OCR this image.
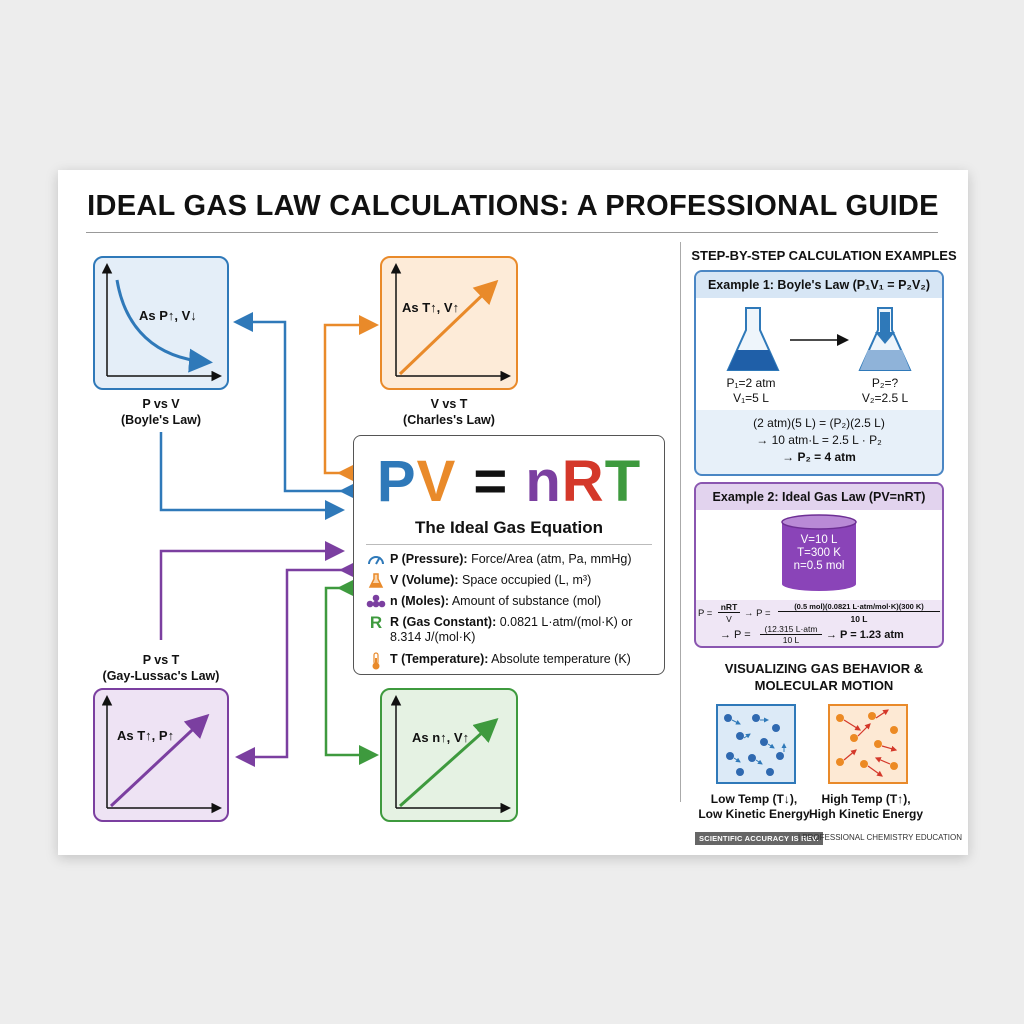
IDEAL GAS LAW CALCULATIONS: A PROFESSIONAL GUIDE
As P↑, V↓
P vs V
(Boyle's Law)
As T↑, V↑
V vs T
(Charles's Law)
P vs T
(Gay-Lussac's Law)
As T↑, P↑	As n↑, V↑
PV = nRT
The Ideal Gas Equation
P (Pressure): Force/Area (atm, Pa, mmHg)
V (Volume): Space occupied (L, m³)
n (Moles): Amount of substance (mol)
R R (Gas Constant): 0.0821 L·atm/(mol·K) or 8.314 J/(mol·K)
T (Temperature): Absolute temperature (K)
STEP-BY-STEP CALCULATION EXAMPLES
Example 1: Boyle's Law (P₁V₁ = P₂V₂)
P₁=2 atm
V₁=5 L
P₂=?
V₂=2.5 L
(2 atm)(5 L) = (P₂)(2.5 L)
→ 10 atm·L = 2.5 L · P₂
→ P₂ = 4 atm
Example 2: Ideal Gas Law (PV=nRT)
V=10 L
T=300 K
n=0.5 mol
P =
nRT
V	→ P =
(0.5 mol)(0.0821 L·atm/mol·K)(300 K)
10 L
→ P =	(12.315 L·atm
10 L	→ P = 1.23 atm
VISUALIZING GAS BEHAVIOR &
MOLECULAR MOTION
Low Temp (T↓),
Low Kinetic Energy
High Temp (T↑),
High Kinetic Energy
SCIENTIFIC ACCURACY IS REV.
| PROFESSIONAL CHEMISTRY EDUCATION
